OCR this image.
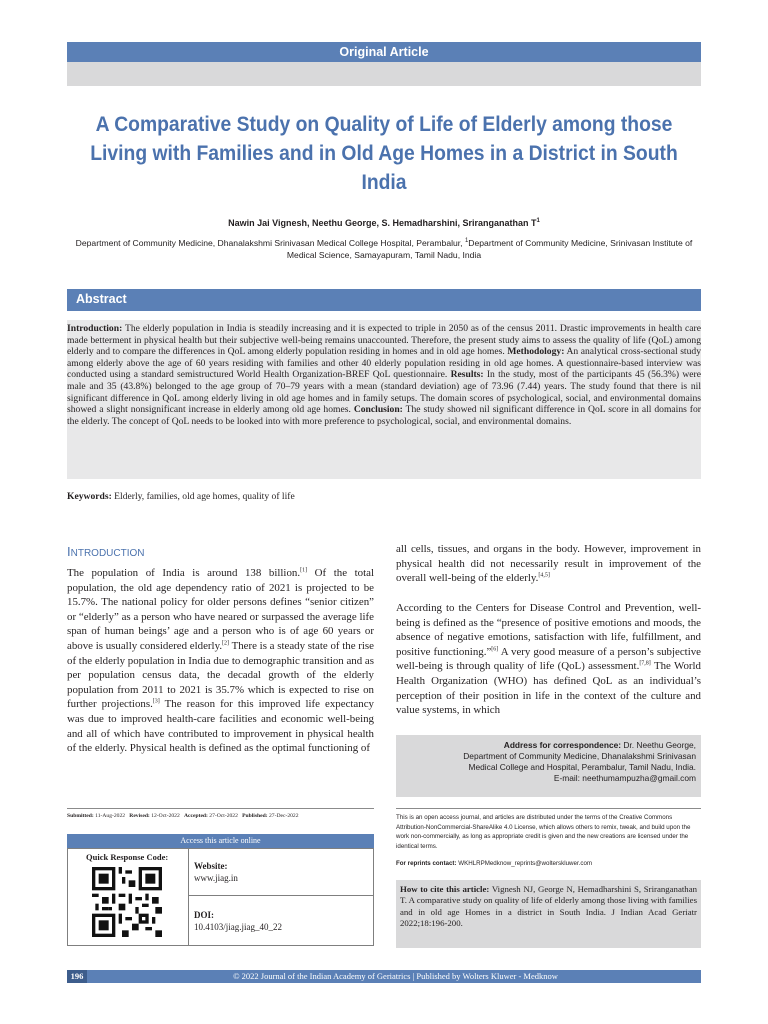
Original Article
A Comparative Study on Quality of Life of Elderly among those Living with Families and in Old Age Homes in a District in South India
Nawin Jai Vignesh, Neethu George, S. Hemadharshini, Sriranganathan $T^1$
Department of Community Medicine, Dhanalakshmi Srinivasan Medical College Hospital, Perambalur, $^1$Department of Community Medicine, Srinivasan Institute of Medical Science, Samayapuram, Tamil Nadu, India
Abstract
Introduction: The elderly population in India is steadily increasing and it is expected to triple in 2050 as of the census 2011. Drastic improvements in health care made betterment in physical health but their subjective well-being remains unaccounted. Therefore, the present study aims to assess the quality of life (QoL) among elderly and to compare the differences in QoL among elderly population residing in homes and in old age homes. Methodology: An analytical cross-sectional study among elderly above the age of 60 years residing with families and other 40 elderly population residing in old age homes. A questionnaire-based interview was conducted using a standard semistructured World Health Organization-BREF QoL questionnaire. Results: In the study, most of the participants 45 (56.3%) were male and 35 (43.8%) belonged to the age group of 70–79 years with a mean (standard deviation) age of 73.96 (7.44) years. The study found that there is nil significant difference in QoL among elderly living in old age homes and in family setups. The domain scores of psychological, social, and environmental domains showed a slight nonsignificant increase in elderly among old age homes. Conclusion: The study showed nil significant difference in QoL score in all domains for the elderly. The concept of QoL needs to be looked into with more preference to psychological, social, and environmental domains.
Keywords: Elderly, families, old age homes, quality of life
INTRODUCTION
The population of India is around 138 billion.[1] Of the total population, the old age dependency ratio of 2021 is projected to be 15.7%. The national policy for older persons defines “senior citizen” or “elderly” as a person who have neared or surpassed the average life span of human beings’ age and a person who is of age 60 years or above is usually considered elderly.[2] There is a steady state of the rise of the elderly population in India due to demographic transition and as per population census data, the decadal growth of the elderly population from 2011 to 2021 is 35.7% which is expected to rise on further projections.[3] The reason for this improved life expectancy was due to improved health-care facilities and economic well-being and all of which have contributed to improvement in physical health of the elderly. Physical health is defined as the optimal functioning of
all cells, tissues, and organs in the body. However, improvement in physical health did not necessarily result in improvement of the overall well-being of the elderly.[4,5]
According to the Centers for Disease Control and Prevention, well-being is defined as the “presence of positive emotions and moods, the absence of negative emotions, satisfaction with life, fulfillment, and positive functioning.”[6] A very good measure of a person’s subjective well-being is through quality of life (QoL) assessment.[7,8] The World Health Organization (WHO) has defined QoL as an individual’s perception of their position in life in the context of the culture and value systems, in which
Address for correspondence: Dr. Neethu George,
Department of Community Medicine, Dhanalakshmi Srinivasan
Medical College and Hospital, Perambalur, Tamil Nadu, India.
E-mail: neethumampuzha@gmail.com
Submitted: 11-Aug-2022 Revised: 12-Oct-2022 Accepted: 27-Oct-2022 Published: 27-Dec-2022
Access this article online
Quick Response Code:
Website:
www.jiag.in
DOI:
10.4103/jiag.jiag_40_22
This is an open access journal, and articles are distributed under the terms of the Creative Commons Attribution-NonCommercial-ShareAlike 4.0 License, which allows others to remix, tweak, and build upon the work non-commercially, as long as appropriate credit is given and the new creations are licensed under the identical terms.
For reprints contact: WKHLRPMedknow_reprints@wolterskluwer.com
How to cite this article: Vignesh NJ, George N, Hemadharshini S, Sriranganathan T. A comparative study on quality of life of elderly among those living with families and in old age Homes in a district in South India. J Indian Acad Geriatr 2022;18:196-200.
196	© 2022 Journal of the Indian Academy of Geriatrics | Published by Wolters Kluwer - Medknow
